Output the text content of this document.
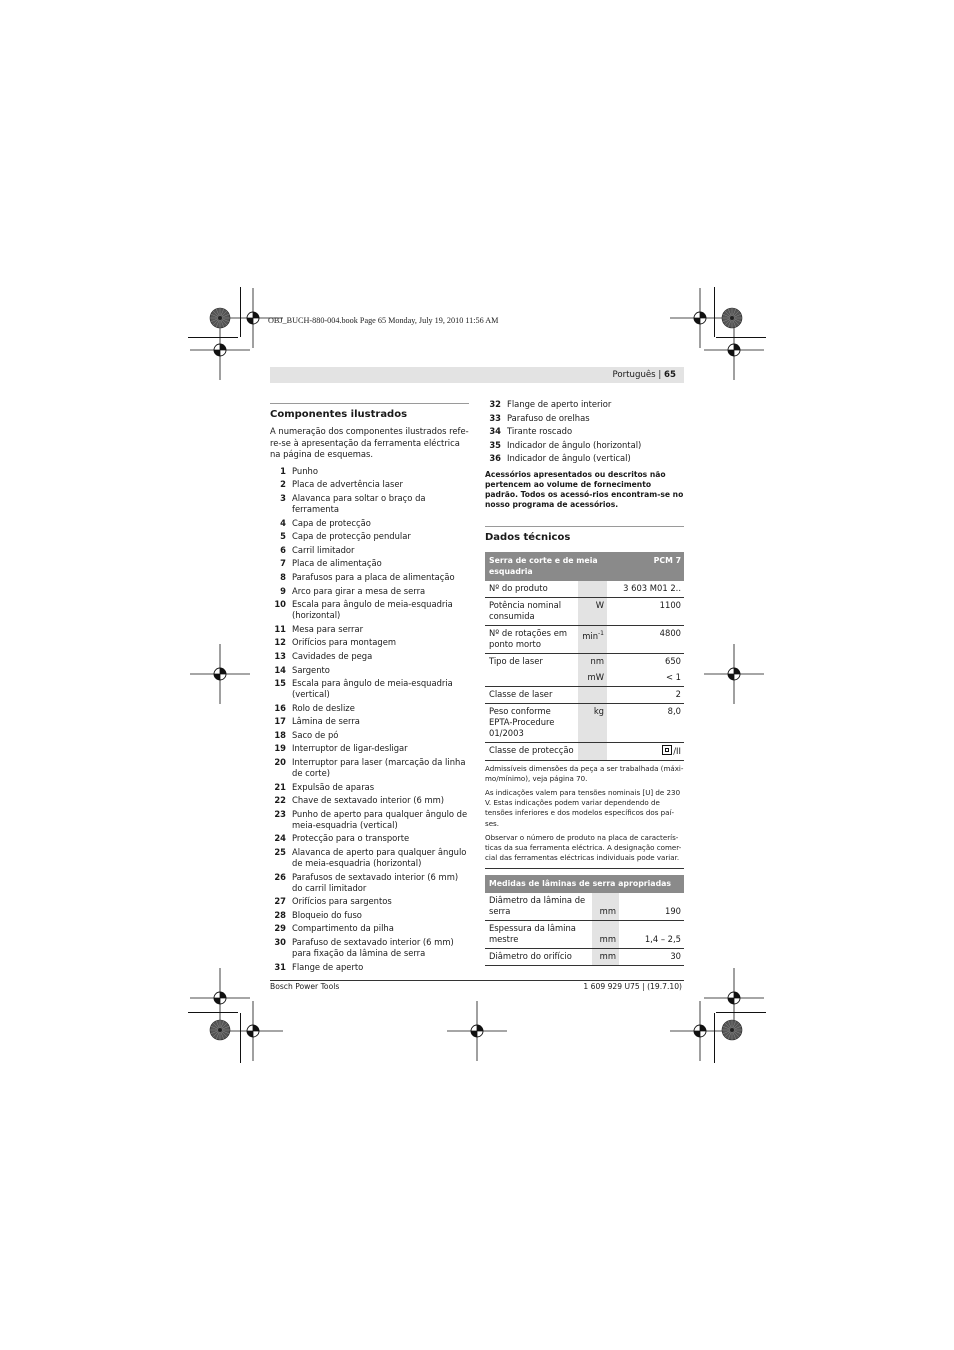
OBJ_BUCH-880-004.book Page 65 Monday, July 19, 2010 11:56 AM
Português | 65
Componentes ilustrados
A numeração dos componentes ilustrados refe-re-se à apresentação da ferramenta eléctrica na página de esquemas.
1 Punho
2 Placa de advertência laser
3 Alavanca para soltar o braço da ferramenta
4 Capa de protecção
5 Capa de protecção pendular
6 Carril limitador
7 Placa de alimentação
8 Parafusos para a placa de alimentação
9 Arco para girar a mesa de serra
10 Escala para ângulo de meia-esquadria (horizontal)
11 Mesa para serrar
12 Orifícios para montagem
13 Cavidades de pega
14 Sargento
15 Escala para ângulo de meia-esquadria (vertical)
16 Rolo de deslize
17 Lâmina de serra
18 Saco de pó
19 Interruptor de ligar-desligar
20 Interruptor para laser (marcação da linha de corte)
21 Expulsão de aparas
22 Chave de sextavado interior (6 mm)
23 Punho de aperto para qualquer ângulo de meia-esquadria (vertical)
24 Protecção para o transporte
25 Alavanca de aperto para qualquer ângulo de meia-esquadria (horizontal)
26 Parafusos de sextavado interior (6 mm) do carril limitador
27 Orifícios para sargentos
28 Bloqueio do fuso
29 Compartimento da pilha
30 Parafuso de sextavado interior (6 mm) para fixação da lâmina de serra
31 Flange de aperto
32 Flange de aperto interior
33 Parafuso de orelhas
34 Tirante roscado
35 Indicador de ângulo (horizontal)
36 Indicador de ângulo (vertical)
Acessórios apresentados ou descritos não pertencem ao volume de fornecimento padrão. Todos os acessó-rios encontram-se no nosso programa de acessórios.
Dados técnicos
Serra de corte e de meia esquadria		PCM 7
Nº do produto		3 603 M01 2..
Potência nominal consumida	W	1100
Nº de rotações em ponto morto	$\min^{-1}$	4800
Tipo de laser	nm	650
	mW	< 1
Classe de laser		2
Peso conforme EPTA-Procedure 01/2003	kg	8,0
Classe de protecção		/II
Admissíveis dimensões da peça a ser trabalhada (máxi-mo/mínimo), veja página 70.
As indicações valem para tensões nominais [U] de 230 V. Estas indicações podem variar dependendo de tensões inferiores e dos modelos específicos dos paí-ses.
Observar o número de produto na placa de caracterís-ticas da sua ferramenta eléctrica. A designação comer-cial das ferramentas eléctricas individuais pode variar.
Medidas de lâminas de serra apropriadas		
Diâmetro da lâmina de serra	mm	190
Espessura da lâmina mestre	mm	1,4 – 2,5
Diâmetro do orifício	mm	30
Bosch Power Tools	1 609 929 U75 | (19.7.10)
